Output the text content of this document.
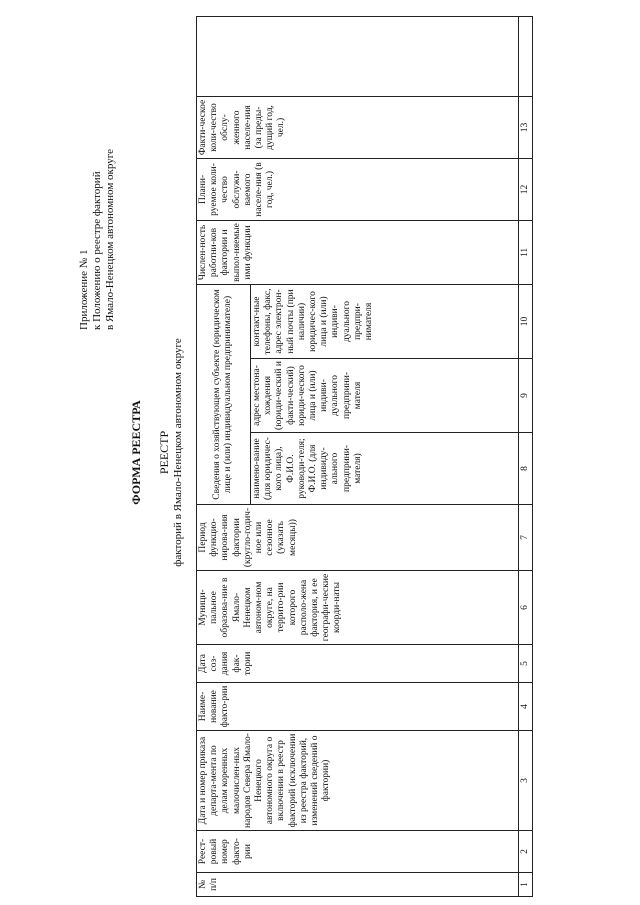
Приложение № 1 к Положению о реестре факторий в Ямало-Ненецком автономном округе
ФОРМА РЕЕСТРА РЕЕСТР факторий в Ямало-Ненецком автономном округе
№ п/п	Реест-ровый номер факто-рии	Дата и номер приказа департа-мента по делам коренных малочислен-ных народов Севера Ямало-Ненецкого автономного округа о включении в реестр факторий (исключении из реестра факторий, изменений сведений о фактории)	Наиме-нование факто-рии	Дата соз-дания фак-тории	Муници-пальное образова-ние в Ямало-Ненецком автоном-ном округе, на террито-рии которого располо-жена фактория, и ее географи-ческие коорди-наты	Период функцио-нирова-ния фактории (кругло-годич-ное или сезонное (указать месяцы))	Сведения о хозяйствующем субъекте (юридическом лице и (или) индивидуальном предпринимателе)			Числен-ность работни-ков фактории и выпол-няемые ими функции	Плани-руемое коли-чество обслужи-ваемого населе-ния (в год, чел.)	Факти-ческое коли-чество обслу-женного населе-ния (за преды-дущий год, чел.)	
							наимено-вание (для юридичес-кого лица), Ф.И.О. руководи-теля; Ф.И.О. (для индивиду-ального предприни-мателя)	адрес местона-хождения (юриди-ческий и факти-ческий) юриди-ческого лица и (или) индиви-дуального предприни-мателя	контакт-ные телефоны, факс, адрес электрон-ный почты (при наличии) юридичес-кого лица и (или) индиви-дуального предпри-нимателя				
1	2	3	4	5	6	7	8	9	10	11	12	13	
